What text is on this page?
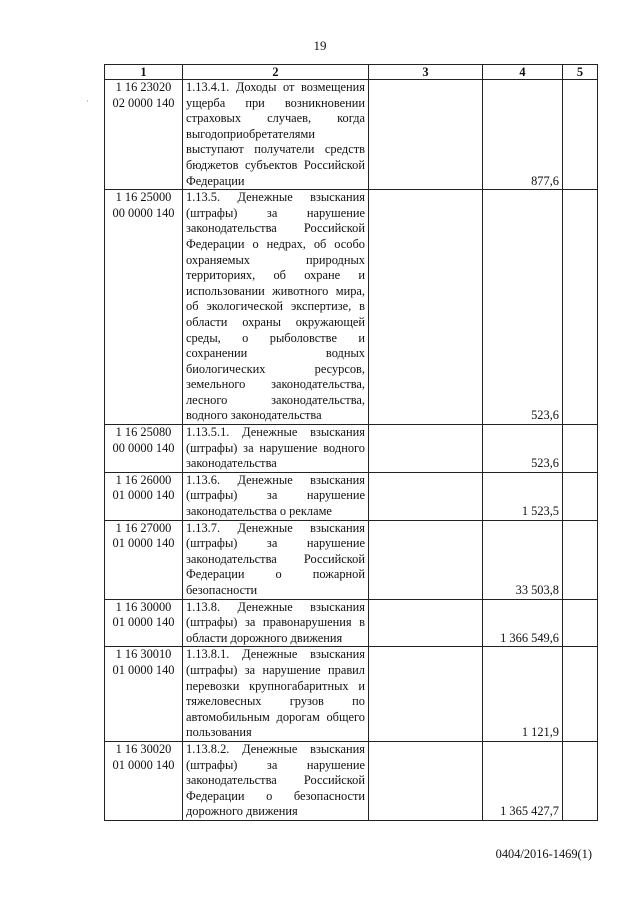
19
·
1	2	3	4	5
1 16 23020 02 0000 140	1.13.4.1. Доходы от возмещения ущерба при возникновении страховых случаев, когда выгодоприобретателями выступают получатели средств бюджетов субъектов Российской Федерации		877,6	
1 16 25000 00 0000 140	1.13.5. Денежные взыскания (штрафы) за нарушение законодательства Российской Федерации о недрах, об особо охраняемых природных территориях, об охране и использовании животного мира, об экологической экспертизе, в области охраны окружающей среды, о рыболовстве и сохранении водных биологических ресурсов, земельного законодательства, лесного законодательства, водного законодательства		523,6	
1 16 25080 00 0000 140	1.13.5.1. Денежные взыскания (штрафы) за нарушение водного законодательства		523,6	
1 16 26000 01 0000 140	1.13.6. Денежные взыскания (штрафы) за нарушение законодательства о рекламе		1 523,5	
1 16 27000 01 0000 140	1.13.7. Денежные взыскания (штрафы) за нарушение законодательства Российской Федерации о пожарной безопасности		33 503,8	
1 16 30000 01 0000 140	1.13.8. Денежные взыскания (штрафы) за правонарушения в области дорожного движения		1 366 549,6	
1 16 30010 01 0000 140	1.13.8.1. Денежные взыскания (штрафы) за нарушение правил перевозки крупногабаритных и тяжеловесных грузов по автомобильным дорогам общего пользования		1 121,9	
1 16 30020 01 0000 140	1.13.8.2. Денежные взыскания (штрафы) за нарушение законодательства Российской Федерации о безопасности дорожного движения		1 365 427,7	
0404/2016-1469(1)
